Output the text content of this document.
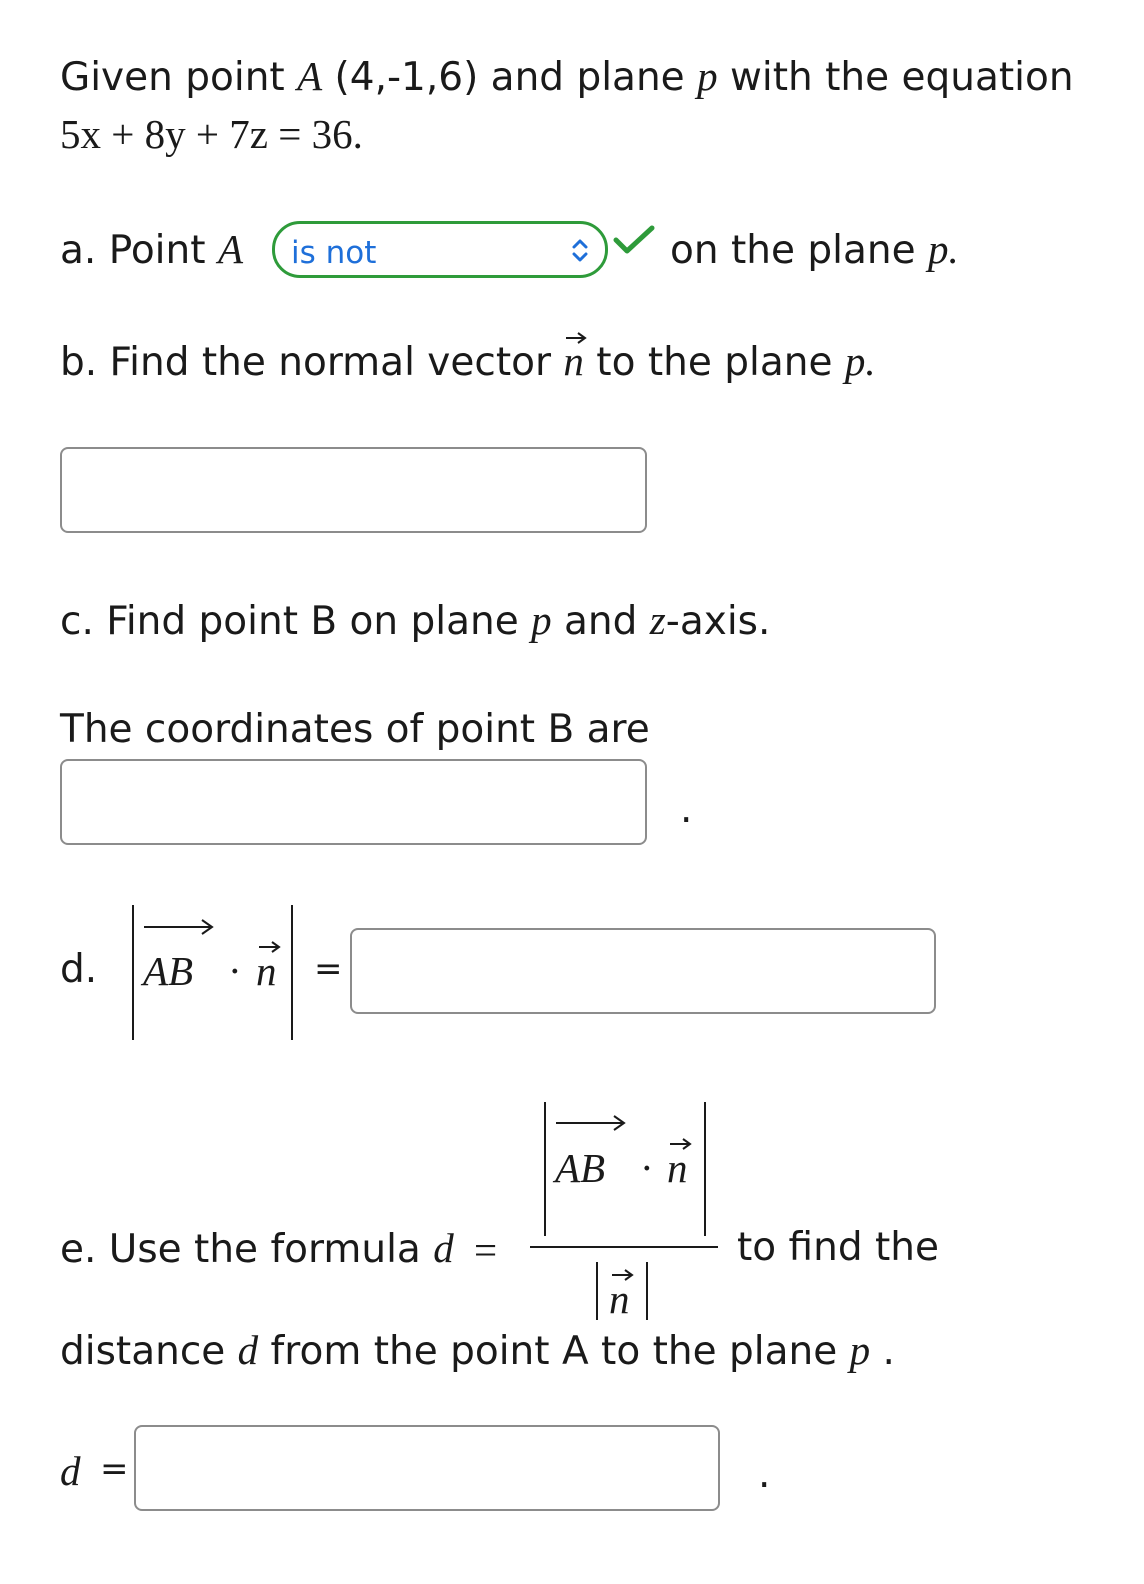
Given point A (4,-1,6) and plane p with the equation
5x + 8y + 7z = 36.
a. Point A is not	on the plane p.
b. Find the normal vector
n to the plane p.
c. Find point B on plane p and z-axis.
The coordinates of point B are
.
d. AB · n =
e. Use the formula d =
AB · n
n
to find the
distance d from the point A to the plane p .
d =	.
